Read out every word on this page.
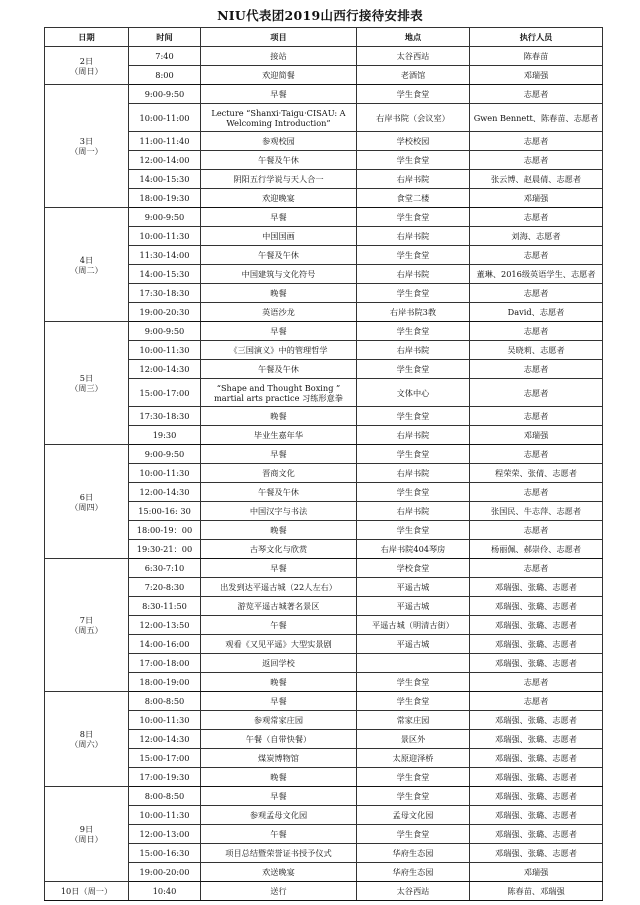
NIU代表团2019山西行接待安排表
日期	时间	项目	地点	执行人员
2日
（周日）	7:40	接站	太谷西站	陈春苗
	8:00	欢迎简餐	老酒馆	邓瑞强
3日
（周一）	9:00-9:50	早餐	学生食堂	志愿者
	10:00-11:00	Lecture “Shanxi·Taigu·CISAU: A Welcoming Introduction”	右岸书院（会议室）	Gwen Bennett、陈春苗、志愿者
	11:00-11:40	参观校园	学校校园	志愿者
	12:00-14:00	午餐及午休	学生食堂	志愿者
	14:00-15:30	阴阳五行学说与天人合一	右岸书院	张云博、赵晨倩、志愿者
	18:00-19:30	欢迎晚宴	食堂二楼	邓瑞强
4日
（周二）	9:00-9:50	早餐	学生食堂	志愿者
	10:00-11:30	中国国画	右岸书院	刘海、志愿者
	11:30-14:00	午餐及午休	学生食堂	志愿者
	14:00-15:30	中国建筑与文化符号	右岸书院	董琳、2016级英语学生、志愿者
	17:30-18:30	晚餐	学生食堂	志愿者
	19:00-20:30	英语沙龙	右岸书院3教	David、志愿者
5日
（周三）	9:00-9:50	早餐	学生食堂	志愿者
	10:00-11:30	《三国演义》中的管理哲学	右岸书院	吴晓莉、志愿者
	12:00-14:30	午餐及午休	学生食堂	志愿者
	15:00-17:00	“Shape and Thought Boxing ” martial arts practice 习练形意拳	文体中心	志愿者
	17:30-18:30	晚餐	学生食堂	志愿者
	19:30	毕业生嘉年华	右岸书院	邓瑞强
6日
（周四）	9:00-9:50	早餐	学生食堂	志愿者
	10:00-11:30	晋商文化	右岸书院	程荣荣、张倩、志愿者
	12:00-14:30	午餐及午休	学生食堂	志愿者
	15:00-16: 30	中国汉字与书法	右岸书院	张国民、牛志萍、志愿者
	18:00-19：00	晚餐	学生食堂	志愿者
	19:30-21：00	古琴文化与欣赏	右岸书院404琴房	杨丽佩、郝崇伶、志愿者
7日
（周五）	6:30-7:10	早餐	学校食堂	志愿者
	7:20-8:30	出发到达平遥古城（22人左右）	平遥古城	邓瑞强、张璐、志愿者
	8:30-11:50	游览平遥古城著名景区	平遥古城	邓瑞强、张璐、志愿者
	12:00-13:50	午餐	平遥古城（明清古街）	邓瑞强、张璐、志愿者
	14:00-16:00	观看《又见平遥》大型实景剧	平遥古城	邓瑞强、张璐、志愿者
	17:00-18:00	返回学校		邓瑞强、张璐、志愿者
	18:00-19:00	晚餐	学生食堂	志愿者
8日
（周六）	8:00-8:50	早餐	学生食堂	志愿者
	10:00-11:30	参观常家庄园	常家庄园	邓瑞强、张璐、志愿者
	12:00-14:30	午餐（自带快餐）	景区外	邓瑞强、张璐、志愿者
	15:00-17:00	煤炭博物馆	太原迎泽桥	邓瑞强、张璐、志愿者
	17:00-19:30	晚餐	学生食堂	邓瑞强、张璐、志愿者
9日
（周日）	8:00-8:50	早餐	学生食堂	邓瑞强、张璐、志愿者
	10:00-11:30	参观孟母文化园	孟母文化园	邓瑞强、张璐、志愿者
	12:00-13:00	午餐	学生食堂	邓瑞强、张璐、志愿者
	15:00-16:30	项目总结暨荣誉证书授予仪式	华府生态园	邓瑞强、张璐、志愿者
	19:00-20:00	欢送晚宴	华府生态园	邓瑞强
10日（周一）	10:40	送行	太谷西站	陈春苗、邓瑞强
